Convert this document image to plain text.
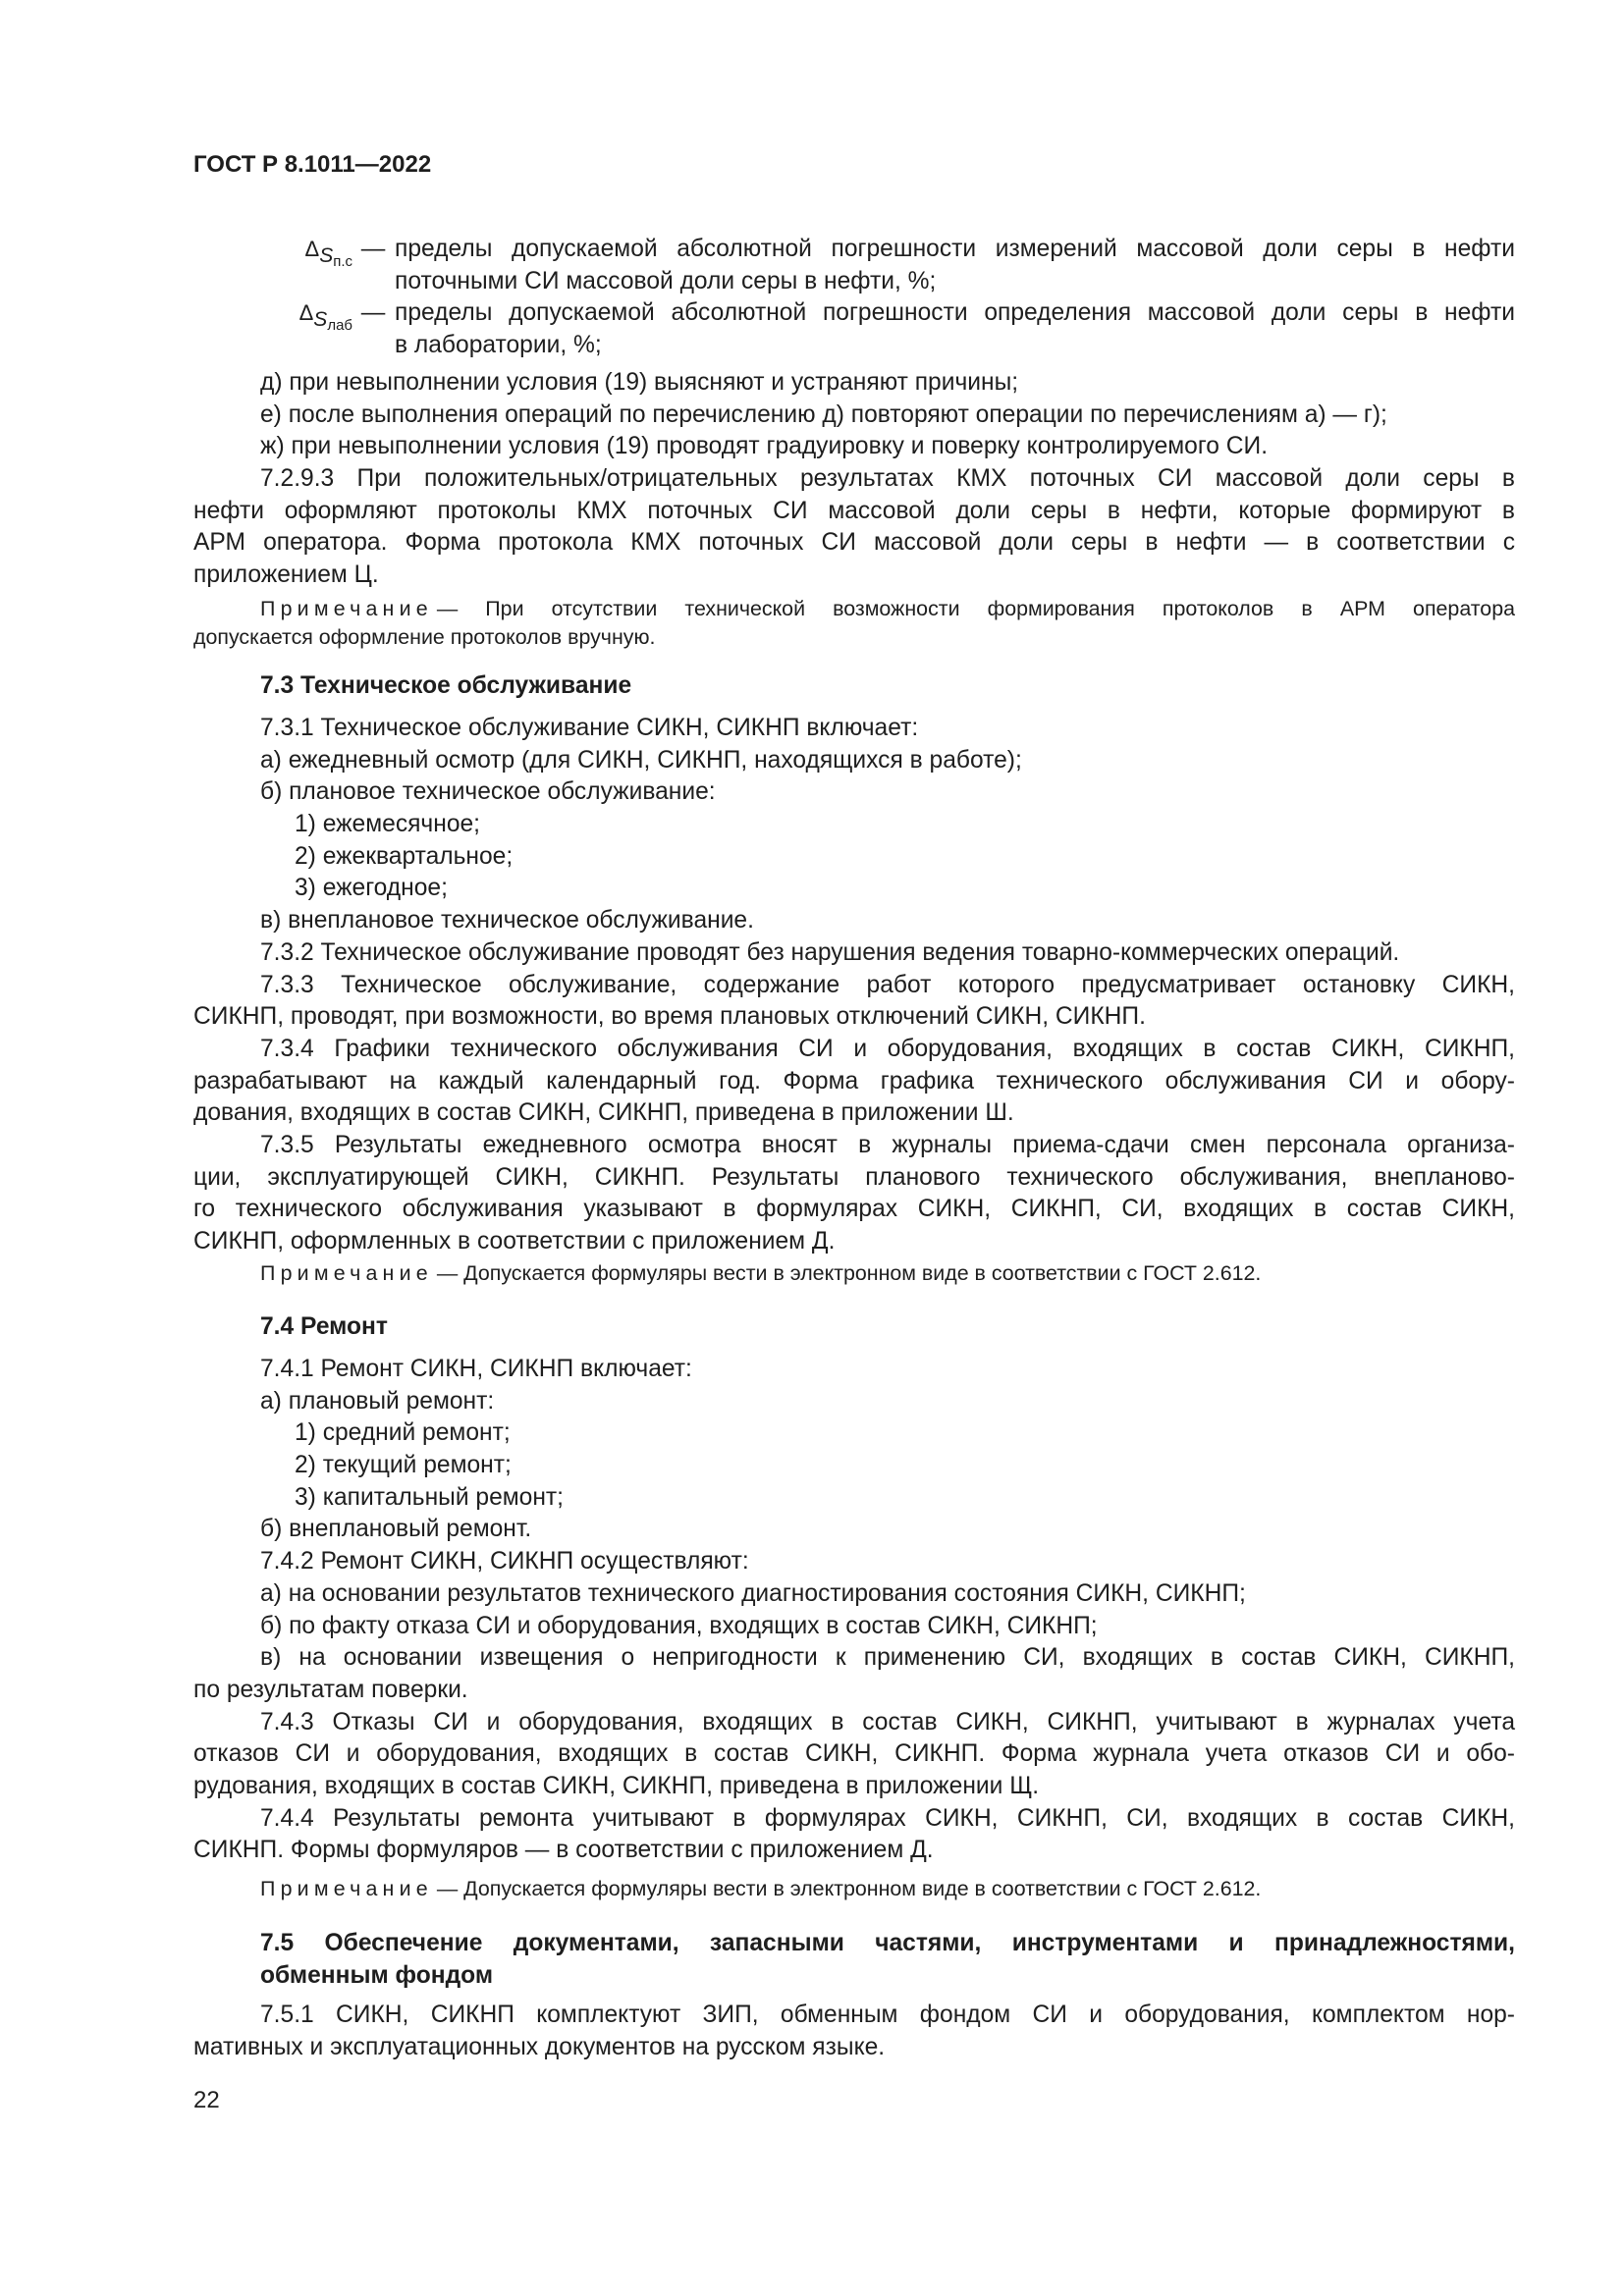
ГОСТ Р 8.1011—2022
$\Delta S_{п.с}$ — пределы допускаемой абсолютной погрешности измерений массовой доли серы в нефти
поточными СИ массовой доли серы в нефти, %;
$\Delta S_{лаб}$ — пределы допускаемой абсолютной погрешности определения массовой доли серы в нефти
в лаборатории, %;
д) при невыполнении условия (19) выясняют и устраняют причины;
е) после выполнения операций по перечислению д) повторяют операции по перечислениям а) — г);
ж) при невыполнении условия (19) проводят градуировку и поверку контролируемого СИ.
7.2.9.3 При положительных/отрицательных результатах КМХ поточных СИ массовой доли серы в
нефти оформляют протоколы КМХ поточных СИ массовой доли серы в нефти, которые формируют в
АРМ оператора. Форма протокола КМХ поточных СИ массовой доли серы в нефти — в соответствии с
приложением Ц.
Примечание — При отсутствии технической возможности формирования протоколов в АРМ оператора
допускается оформление протоколов вручную.
7.3 Техническое обслуживание
7.3.1 Техническое обслуживание СИКН, СИКНП включает:
а) ежедневный осмотр (для СИКН, СИКНП, находящихся в работе);
б) плановое техническое обслуживание:
1) ежемесячное;
2) ежеквартальное;
3) ежегодное;
в) внеплановое техническое обслуживание.
7.3.2 Техническое обслуживание проводят без нарушения ведения товарно-коммерческих операций.
7.3.3 Техническое обслуживание, содержание работ которого предусматривает остановку СИКН,
СИКНП, проводят, при возможности, во время плановых отключений СИКН, СИКНП.
7.3.4 Графики технического обслуживания СИ и оборудования, входящих в состав СИКН, СИКНП,
разрабатывают на каждый календарный год. Форма графика технического обслуживания СИ и обору-
дования, входящих в состав СИКН, СИКНП, приведена в приложении Ш.
7.3.5 Результаты ежедневного осмотра вносят в журналы приема-сдачи смен персонала организа-
ции, эксплуатирующей СИКН, СИКНП. Результаты планового технического обслуживания, внепланово-
го технического обслуживания указывают в формулярах СИКН, СИКНП, СИ, входящих в состав СИКН,
СИКНП, оформленных в соответствии с приложением Д.
Примечание — Допускается формуляры вести в электронном виде в соответствии с ГОСТ 2.612.
7.4 Ремонт
7.4.1 Ремонт СИКН, СИКНП включает:
а) плановый ремонт:
1) средний ремонт;
2) текущий ремонт;
3) капитальный ремонт;
б) внеплановый ремонт.
7.4.2 Ремонт СИКН, СИКНП осуществляют:
а) на основании результатов технического диагностирования состояния СИКН, СИКНП;
б) по факту отказа СИ и оборудования, входящих в состав СИКН, СИКНП;
в) на основании извещения о непригодности к применению СИ, входящих в состав СИКН, СИКНП,
по результатам поверки.
7.4.3 Отказы СИ и оборудования, входящих в состав СИКН, СИКНП, учитывают в журналах учета
отказов СИ и оборудования, входящих в состав СИКН, СИКНП. Форма журнала учета отказов СИ и обо-
рудования, входящих в состав СИКН, СИКНП, приведена в приложении Щ.
7.4.4 Результаты ремонта учитывают в формулярах СИКН, СИКНП, СИ, входящих в состав СИКН,
СИКНП. Формы формуляров — в соответствии с приложением Д.
Примечание — Допускается формуляры вести в электронном виде в соответствии с ГОСТ 2.612.
7.5 Обеспечение документами, запасными частями, инструментами и принадлежностями,
обменным фондом
7.5.1 СИКН, СИКНП комплектуют ЗИП, обменным фондом СИ и оборудования, комплектом нор-
мативных и эксплуатационных документов на русском языке.
22
